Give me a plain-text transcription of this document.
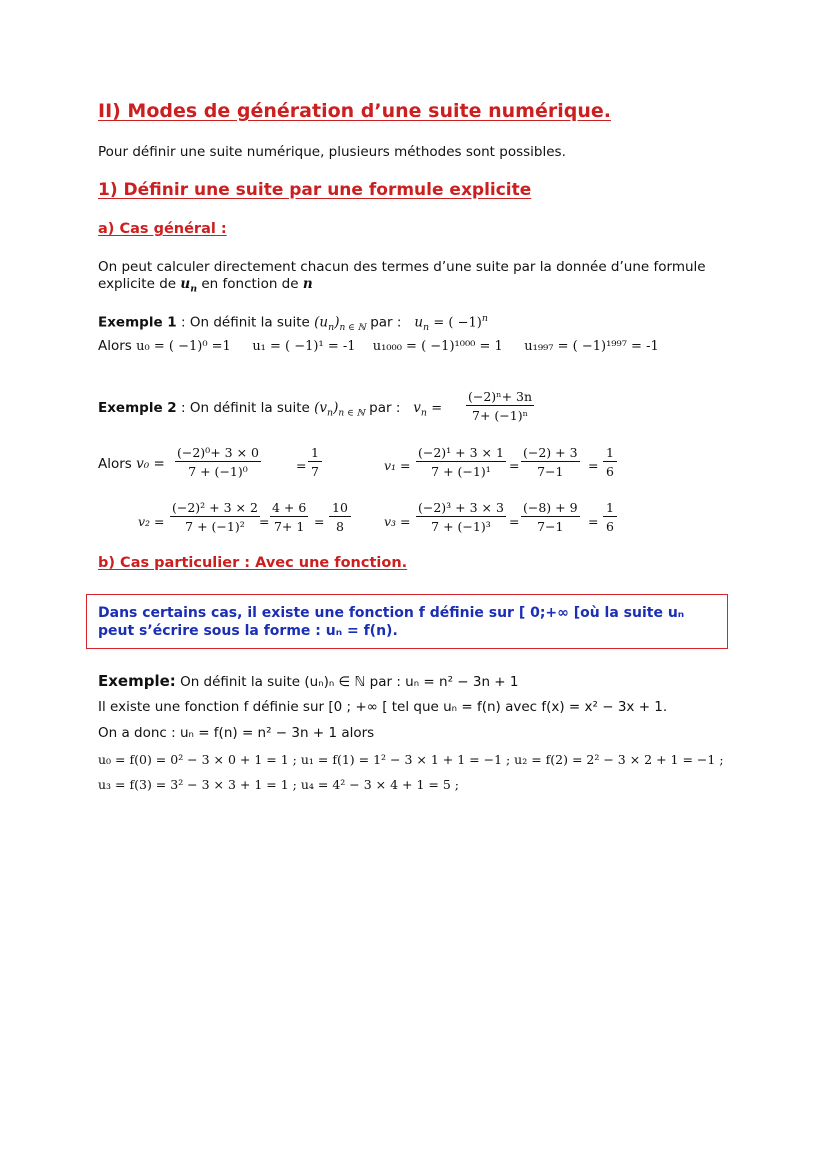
II) Modes de génération d’une suite numérique.
Pour définir une suite numérique, plusieurs méthodes sont possibles.
1) Définir une suite par une formule explicite
a) Cas général :
On peut calculer directement chacun des termes d’une suite par la donnée d’une formule
explicite de $u_n$ en fonction de n
Exemple 1 : On définit la suite $(u_n)_{n \in ℕ}$ par : $u_n$ = ( −1)$^n$
Alors u₀ = ( −1)⁰ =1 u₁ = ( −1)¹ = -1 u₁₀₀₀ = ( −1)¹⁰⁰⁰ = 1 u₁₉₉₇ = ( −1)¹⁹⁹⁷ = -1
Exemple 2 : On définit la suite $(v_n)_{n \in ℕ}$ par : $v_n = \frac{\text{(−2)ⁿ+ 3n}}{\text{7+ (−1)ⁿ}}$
Alors $v_0 = \frac{\text{(−2)⁰+ 3 × 0}}{\text{7 + (−1)⁰}}$	= $\frac{1}{7}$	$v_1 = \frac{\text{(−2)¹ + 3 × 1}}{\text{7 + (−1)¹}} = \frac{(-2) + 3}{7-1} = \frac{1}{6}$
$v_2 = \frac{\text{(−2)² + 3 × 2}}{\text{7 + (−1)²}} = \frac{4 + 6}{7+ 1} = \frac{10}{8}$	$v_3 = \frac{\text{(−2)³ + 3 × 3}}{\text{7 + (−1)³}} = \frac{(-8) + 9}{7-1} = \frac{1}{6}$
b) Cas particulier : Avec une fonction.
Dans certains cas, il existe une fonction f définie sur [ 0;+∞ [où la suite uₙ
peut s’écrire sous la forme : uₙ = f(n).
Exemple: On définit la suite (uₙ)ₙ ∈ ℕ par : uₙ = n² − 3n + 1
Il existe une fonction f définie sur [0 ; +∞ [ tel que uₙ = f(n) avec f(x) = x² − 3x + 1.
On a donc : uₙ = f(n) = n² − 3n + 1 alors
u₀ = f(0) = 0² − 3 × 0 + 1 = 1 ; u₁ = f(1) = 1² − 3 × 1 + 1 = −1 ; u₂ = f(2) = 2² − 3 × 2 + 1 = −1 ;
u₃ = f(3) = 3² − 3 × 3 + 1 = 1 ; u₄ = 4² − 3 × 4 + 1 = 5 ;
